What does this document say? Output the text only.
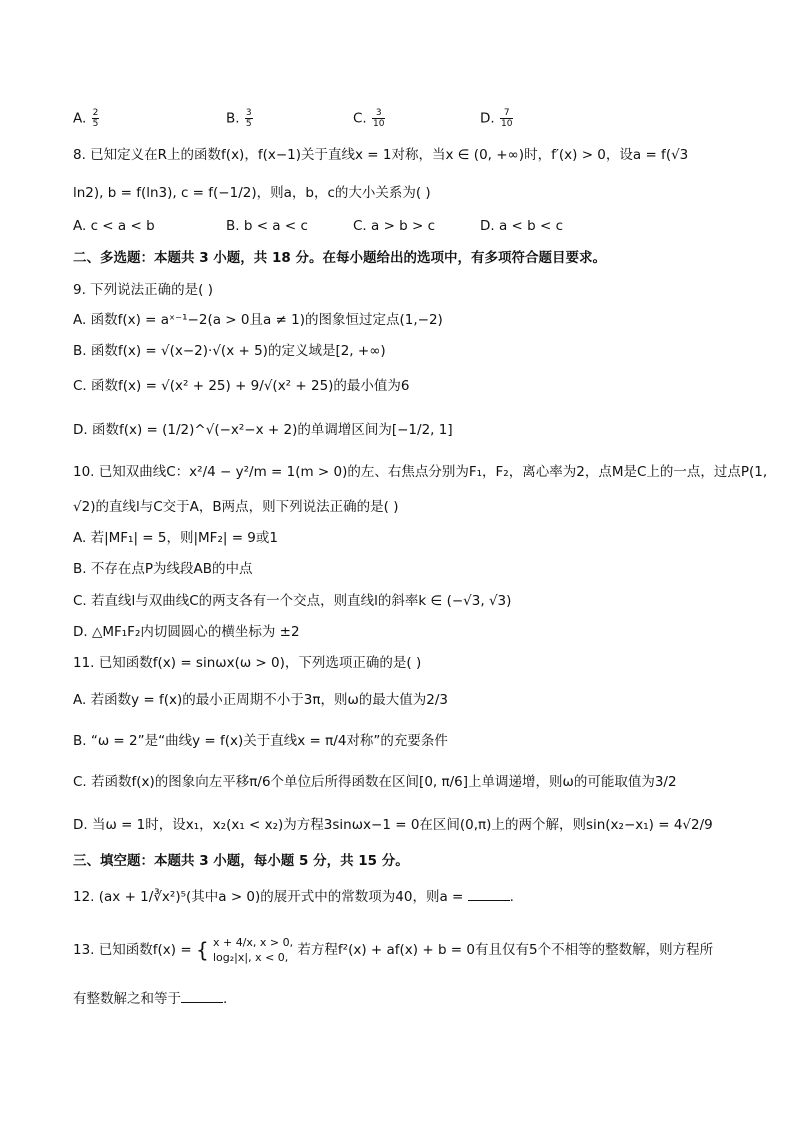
A. $\frac{2}{5}$	B. $\frac{3}{5}$	C. $\frac{3}{10}$	D. $\frac{7}{10}$
8. 已知定义在R上的函数f(x)，f(x−1)关于直线x = 1对称，当x ∈ (0, +∞)时，f′(x) > 0，设a = f(√3
ln2), b = f(ln3), c = f(−1/2)，则a，b，c的大小关系为( )
A. c < a < b	B. b < a < c	C. a > b > c	D. a < b < c
二、多选题：本题共 3 小题，共 18 分。在每小题给出的选项中，有多项符合题目要求。
9. 下列说法正确的是( )
A. 函数f(x) = aˣ⁻¹−2(a > 0且a ≠ 1)的图象恒过定点(1,−2)
B. 函数f(x) = √(x−2)·√(x + 5)的定义域是[2, +∞)
C. 函数f(x) = √(x² + 25) + 9/√(x² + 25)的最小值为6
D. 函数f(x) = (1/2)^√(−x²−x + 2)的单调增区间为[−1/2, 1]
10. 已知双曲线C：x²/4 − y²/m = 1(m > 0)的左、右焦点分别为F₁，F₂，离心率为2，点M是C上的一点，过点P(1,
√2)的直线l与C交于A，B两点，则下列说法正确的是( )
A. 若|MF₁| = 5，则|MF₂| = 9或1
B. 不存在点P为线段AB的中点
C. 若直线l与双曲线C的两支各有一个交点，则直线l的斜率k ∈ (−√3, √3)
D. △MF₁F₂内切圆圆心的横坐标为 ±2
11. 已知函数f(x) = sinωx(ω > 0)，下列选项正确的是( )
A. 若函数y = f(x)的最小正周期不小于3π，则ω的最大值为2/3
B. “ω = 2”是“曲线y = f(x)关于直线x = π/4对称”的充要条件
C. 若函数f(x)的图象向左平移π/6个单位后所得函数在区间[0, π/6]上单调递增，则ω的可能取值为3/2
D. 当ω = 1时，设x₁，x₂(x₁ < x₂)为方程3sinωx−1 = 0在区间(0,π)上的两个解，则sin(x₂−x₁) = 4√2/9
三、填空题：本题共 3 小题，每小题 5 分，共 15 分。
12. (ax + 1/∛x²)⁵(其中a > 0)的展开式中的常数项为40，则a =	.
13. 已知函数f(x) = { x + 4/x, x > 0,
log₂|x|, x < 0, 若方程f²(x) + af(x) + b = 0有且仅有5个不相等的整数解，则方程所
有整数解之和等于	.
